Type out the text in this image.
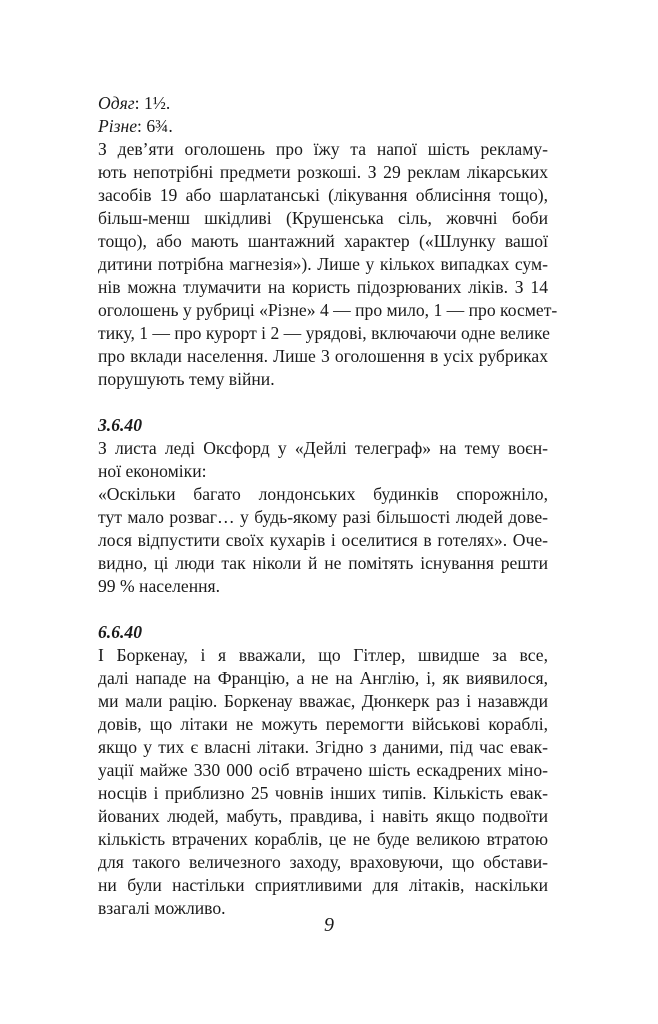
Одяг: 1½.
Різне: 6¾.
З дев’яти оголошень про їжу та напої шість рекламу-
ють непотрібні предмети розкоші. З 29 реклам лікарських
засобів 19 або шарлатанські (лікування облисіння тощо),
більш-менш шкідливі (Крушенська сіль, жовчні боби
тощо), або мають шантажний характер («Шлунку вашої
дитини потрібна магнезія»). Лише у кількох випадках сум-
нів можна тлумачити на користь підозрюваних ліків. З 14
оголошень у рубриці «Різне» 4 — про мило, 1 — про космет-
тику, 1 — про курорт і 2 — урядові, включаючи одне велике
про вклади населення. Лише 3 оголошення в усіх рубриках
порушують тему війни.
3.6.40
З листа леді Оксфорд у «Дейлі телеграф» на тему воєн-
ної економіки:
«Оскільки багато лондонських будинків спорожніло,
тут мало розваг… у будь-якому разі більшості людей дове-
лося відпустити своїх кухарів і оселитися в готелях». Оче-
видно, ці люди так ніколи й не помітять існування решти
99 % населення.
6.6.40
І Боркенау, і я вважали, що Гітлер, швидше за все,
далі нападе на Францію, а не на Англію, і, як виявилося,
ми мали рацію. Боркенау вважає, Дюнкерк раз і назавжди
довів, що літаки не можуть перемогти військові кораблі,
якщо у тих є власні літаки. Згідно з даними, під час евак-
уації майже 330 000 осіб втрачено шість ескадрених міно-
носців і приблизно 25 човнів інших типів. Кількість евак-
йованих людей, мабуть, правдива, і навіть якщо подвоїти
кількість втрачених кораблів, це не буде великою втратою
для такого величезного заходу, враховуючи, що обстави-
ни були настільки сприятливими для літаків, наскільки
взагалі можливо.
9
